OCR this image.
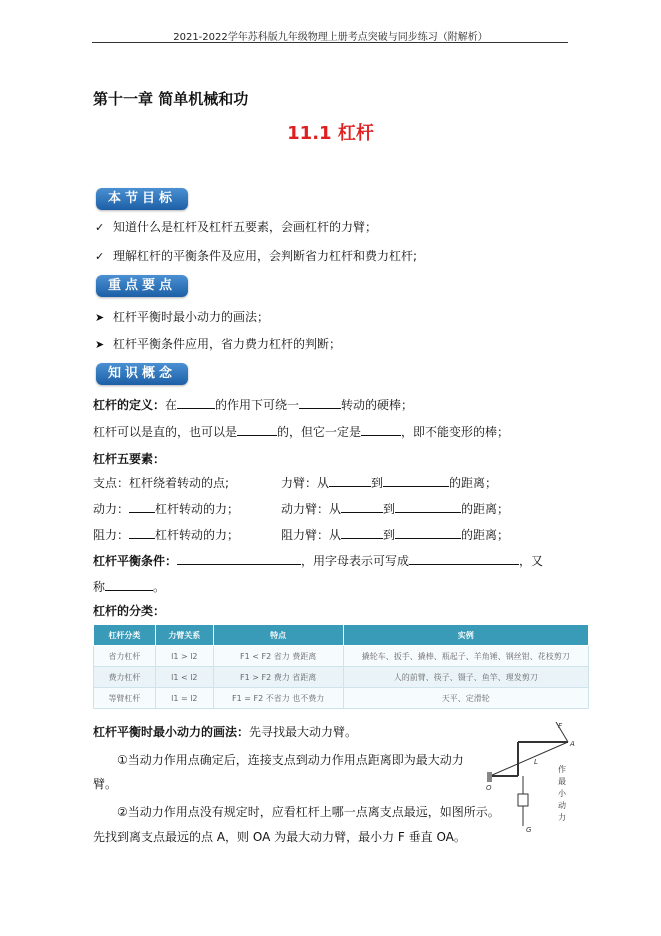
2021-2022学年苏科版九年级物理上册考点突破与同步练习（附解析）
第十一章 简单机械和功
11.1 杠杆
本节目标
✓ 知道什么是杠杆及杠杆五要素，会画杠杆的力臂；
✓ 理解杠杆的平衡条件及应用，会判断省力杠杆和费力杠杆;
重点要点
➤ 杠杆平衡时最小动力的画法；
➤ 杠杆平衡条件应用，省力费力杠杆的判断；
知识概念
杠杆的定义：在	的作用下可绕一	转动的硬棒；
杠杆可以是直的，也可以是	的，但它一定是	，即不能变形的棒；
杠杆五要素：
支点：杠杆绕着转动的点;	力臂：从	到	的距离；
动力： 杠杆转动的力；	动力臂：从	到	的距离；
阻力： 杠杆转动的力；	阻力臂：从	到	的距离；
杠杆平衡条件：	，用字母表示可写成	，又
称	。
杠杆的分类：
杠杆分类	力臂关系	特点	实例
省力杠杆	l1 > l2	F1 < F2 省力 费距离	撬轮车、扳手、撬棒、瓶起子、羊角锤、钢丝钳、花枝剪刀
费力杠杆	l1 < l2	F1 > F2 费力 省距离	人的前臂、筷子、镊子、鱼竿、理发剪刀
等臂杠杆	l1 = l2	F1 = F2 不省力 也不费力	天平、定滑轮
杠杆平衡时最小动力的画法：先寻找最大动力臂。
①当动力作用点确定后，连接支点到动力作用点距离即为最大动力
臂。
②当动力作用点没有规定时，应看杠杆上哪一点离支点最远，如图所示。
先找到离支点最远的点 A，则 OA 为最大动力臂，最小力 F 垂直 OA。
F
A
O
L
G
作
最
小
动
力
